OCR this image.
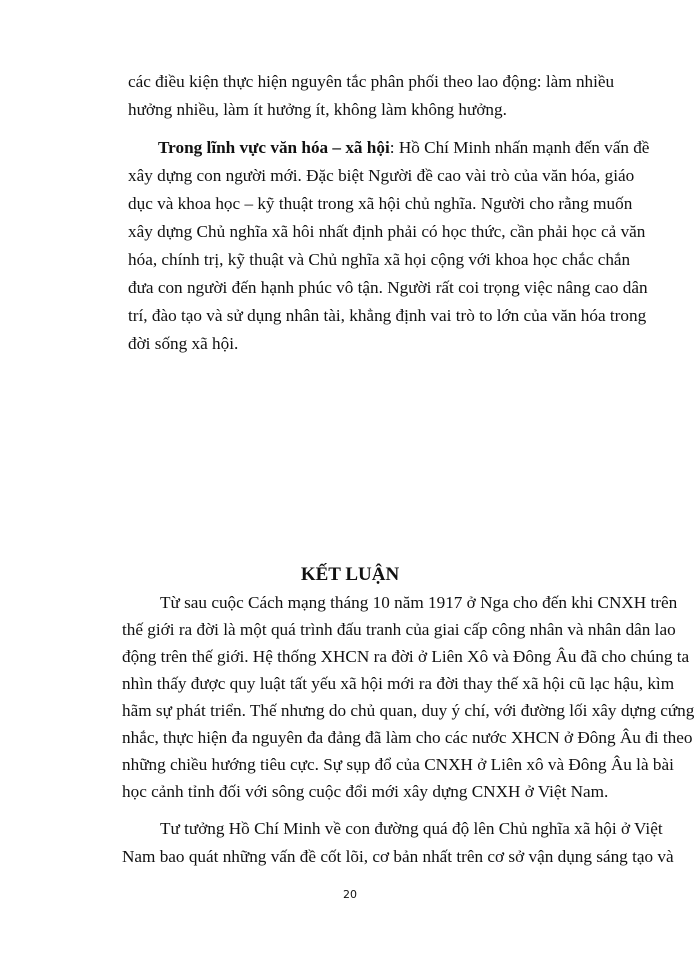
các điều kiện thực hiện nguyên tắc phân phối theo lao động: làm nhiều
hưởng nhiều, làm ít hưởng ít, không làm không hưởng.
Trong lĩnh vực văn hóa – xã hội: Hồ Chí Minh nhấn mạnh đến vấn đề
xây dựng con người mới. Đặc biệt Người đề cao vài trò của văn hóa, giáo
dục và khoa học – kỹ thuật trong xã hội chủ nghĩa. Người cho rằng muốn
xây dựng Chủ nghĩa xã hôi nhất định phải có học thức, cần phải học cả văn
hóa, chính trị, kỹ thuật và Chủ nghĩa xã họi cộng với khoa học chắc chắn
đưa con người đến hạnh phúc vô tận. Người rất coi trọng việc nâng cao dân
trí, đào tạo và sử dụng nhân tài, khẳng định vai trò to lớn của văn hóa trong
đời sống xã hội.
KẾT LUẬN
Từ sau cuộc Cách mạng tháng 10 năm 1917 ở Nga cho đến khi CNXH trên
thế giới ra đời là một quá trình đấu tranh của giai cấp công nhân và nhân dân lao
động trên thế giới. Hệ thống XHCN ra đời ở Liên Xô và Đông Âu đã cho chúng ta
nhìn thấy được quy luật tất yếu xã hội mới ra đời thay thế xã hội cũ lạc hậu, kìm
hãm sự phát triển. Thế nhưng do chủ quan, duy ý chí, với đường lối xây dựng cứng
nhắc, thực hiện đa nguyên đa đảng đã làm cho các nước XHCN ở Đông Âu đi theo
những chiều hướng tiêu cực. Sự sụp đổ của CNXH ở Liên xô và Đông Âu là bài
học cảnh tỉnh đối với sông cuộc đổi mới xây dựng CNXH ở Việt Nam.
Tư tưởng Hồ Chí Minh về con đường quá độ lên Chủ nghĩa xã hội ở Việt
Nam bao quát những vấn đề cốt lõi, cơ bản nhất trên cơ sở vận dụng sáng tạo và
20
